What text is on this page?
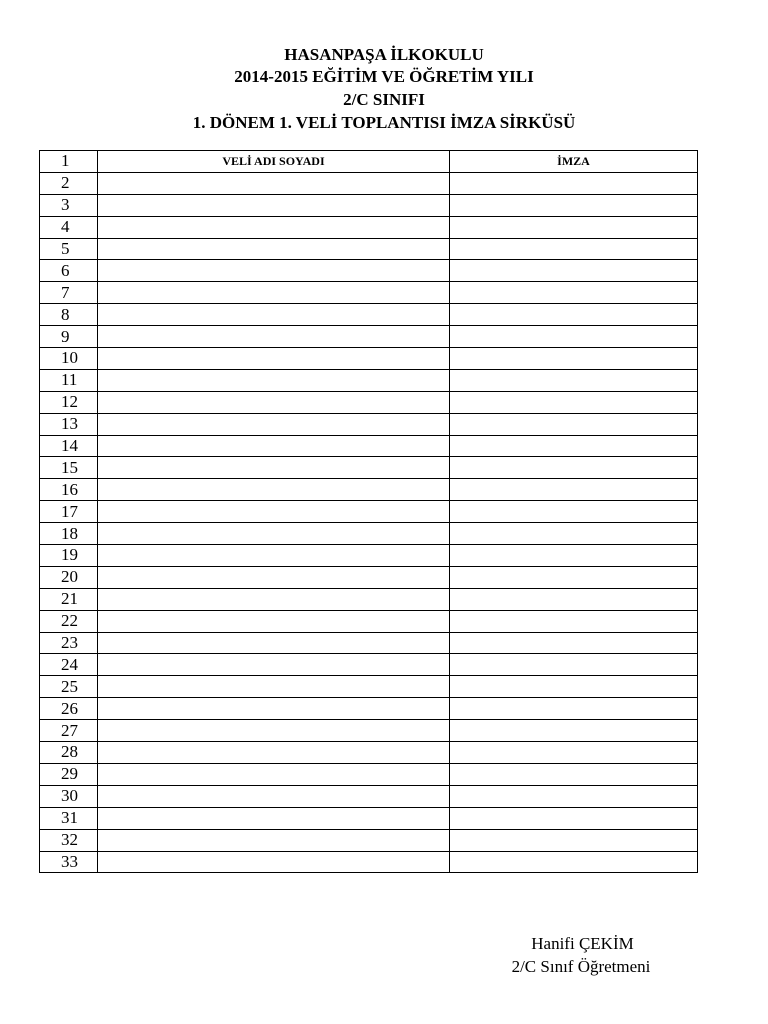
HASANPAŞA İLKOKULU
2014-2015 EĞİTİM VE ÖĞRETİM YILI
2/C SINIFI
1. DÖNEM 1. VELİ TOPLANTISI İMZA SİRKÜSÜ
1	VELİ ADI SOYADI	İMZA
2		
3		
4		
5		
6		
7		
8		
9		
10		
11		
12		
13		
14		
15		
16		
17		
18		
19		
20		
21		
22		
23		
24		
25		
26		
27		
28		
29		
30		
31		
32		
33		
Hanifi ÇEKİM
2/C Sınıf Öğretmeni
